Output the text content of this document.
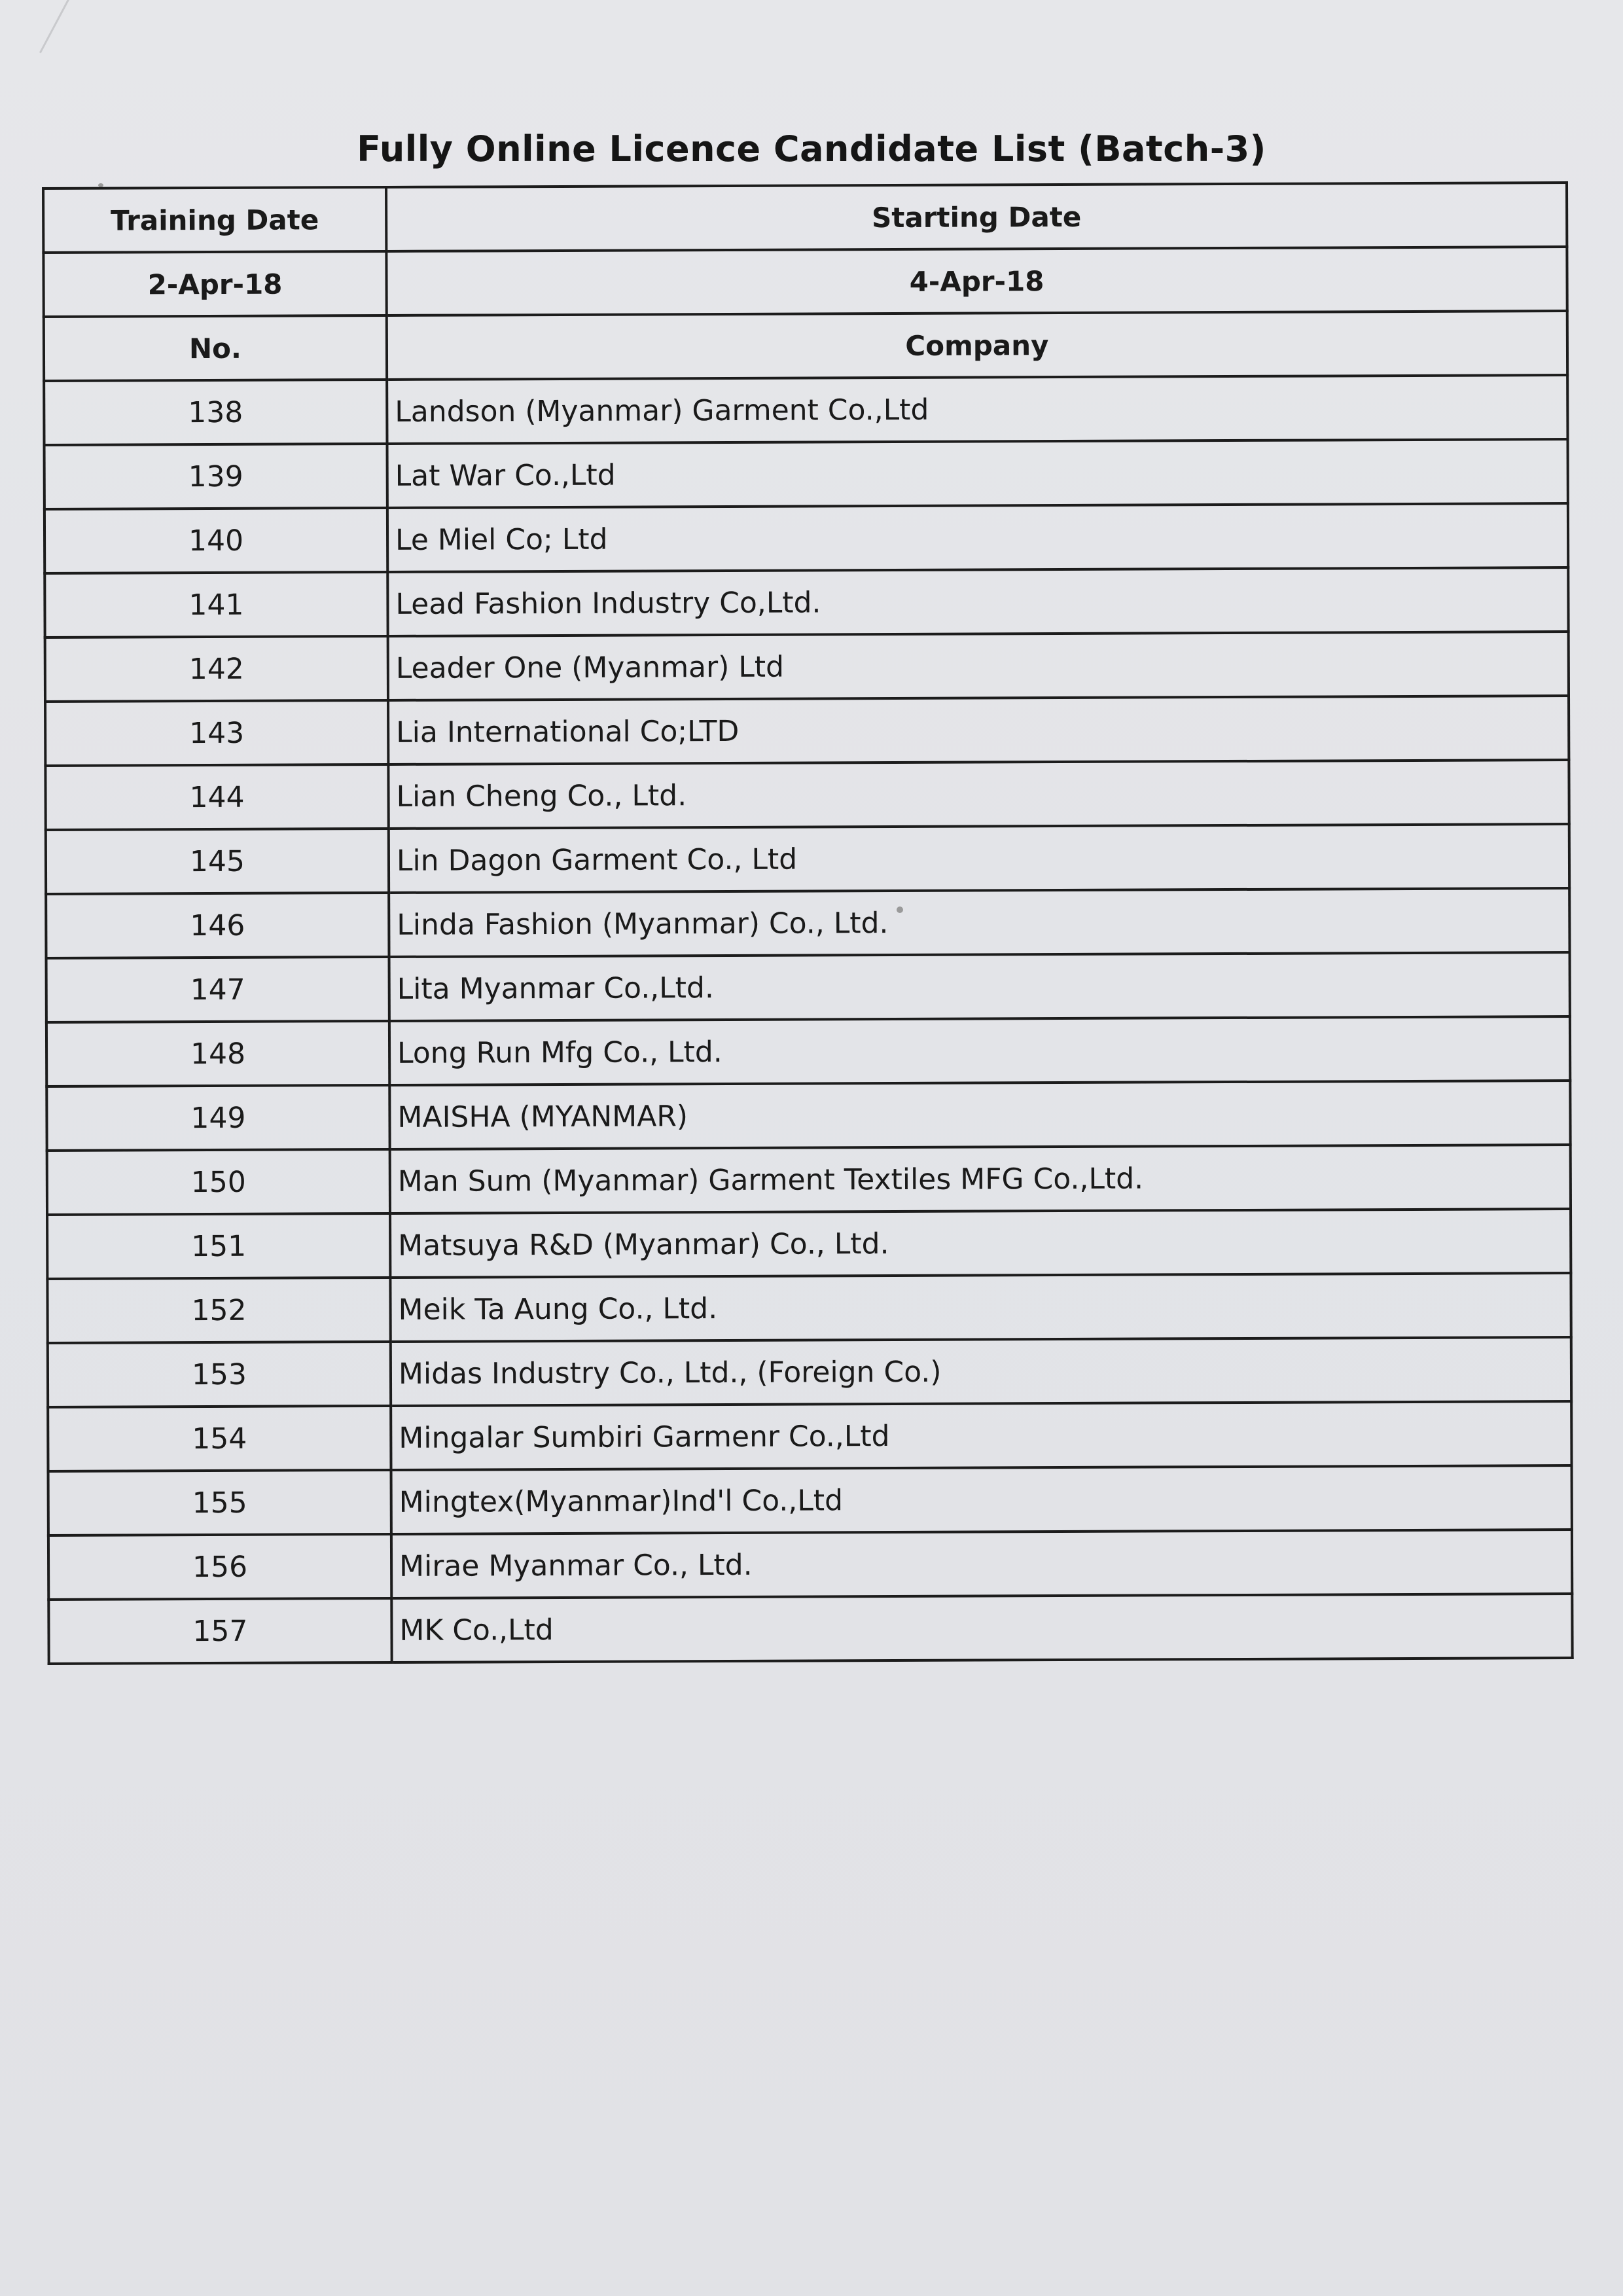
Fully Online Licence Candidate List (Batch-3)
Training Date	Starting Date
2-Apr-18	4-Apr-18
No.	Company
138	Landson (Myanmar) Garment Co.,Ltd
139	Lat War Co.,Ltd
140	Le Miel Co; Ltd
141	Lead Fashion Industry Co,Ltd.
142	Leader One (Myanmar) Ltd
143	Lia International Co;LTD
144	Lian Cheng Co., Ltd.
145	Lin Dagon Garment Co., Ltd
146	Linda Fashion (Myanmar) Co., Ltd.
147	Lita Myanmar Co.,Ltd.
148	Long Run Mfg Co., Ltd.
149	MAISHA (MYANMAR)
150	Man Sum (Myanmar) Garment Textiles MFG Co.,Ltd.
151	Matsuya R&D (Myanmar) Co., Ltd.
152	Meik Ta Aung Co., Ltd.
153	Midas Industry Co., Ltd., (Foreign Co.)
154	Mingalar Sumbiri Garmenr Co.,Ltd
155	Mingtex(Myanmar)Ind'l Co.,Ltd
156	Mirae Myanmar Co., Ltd.
157	MK Co.,Ltd
